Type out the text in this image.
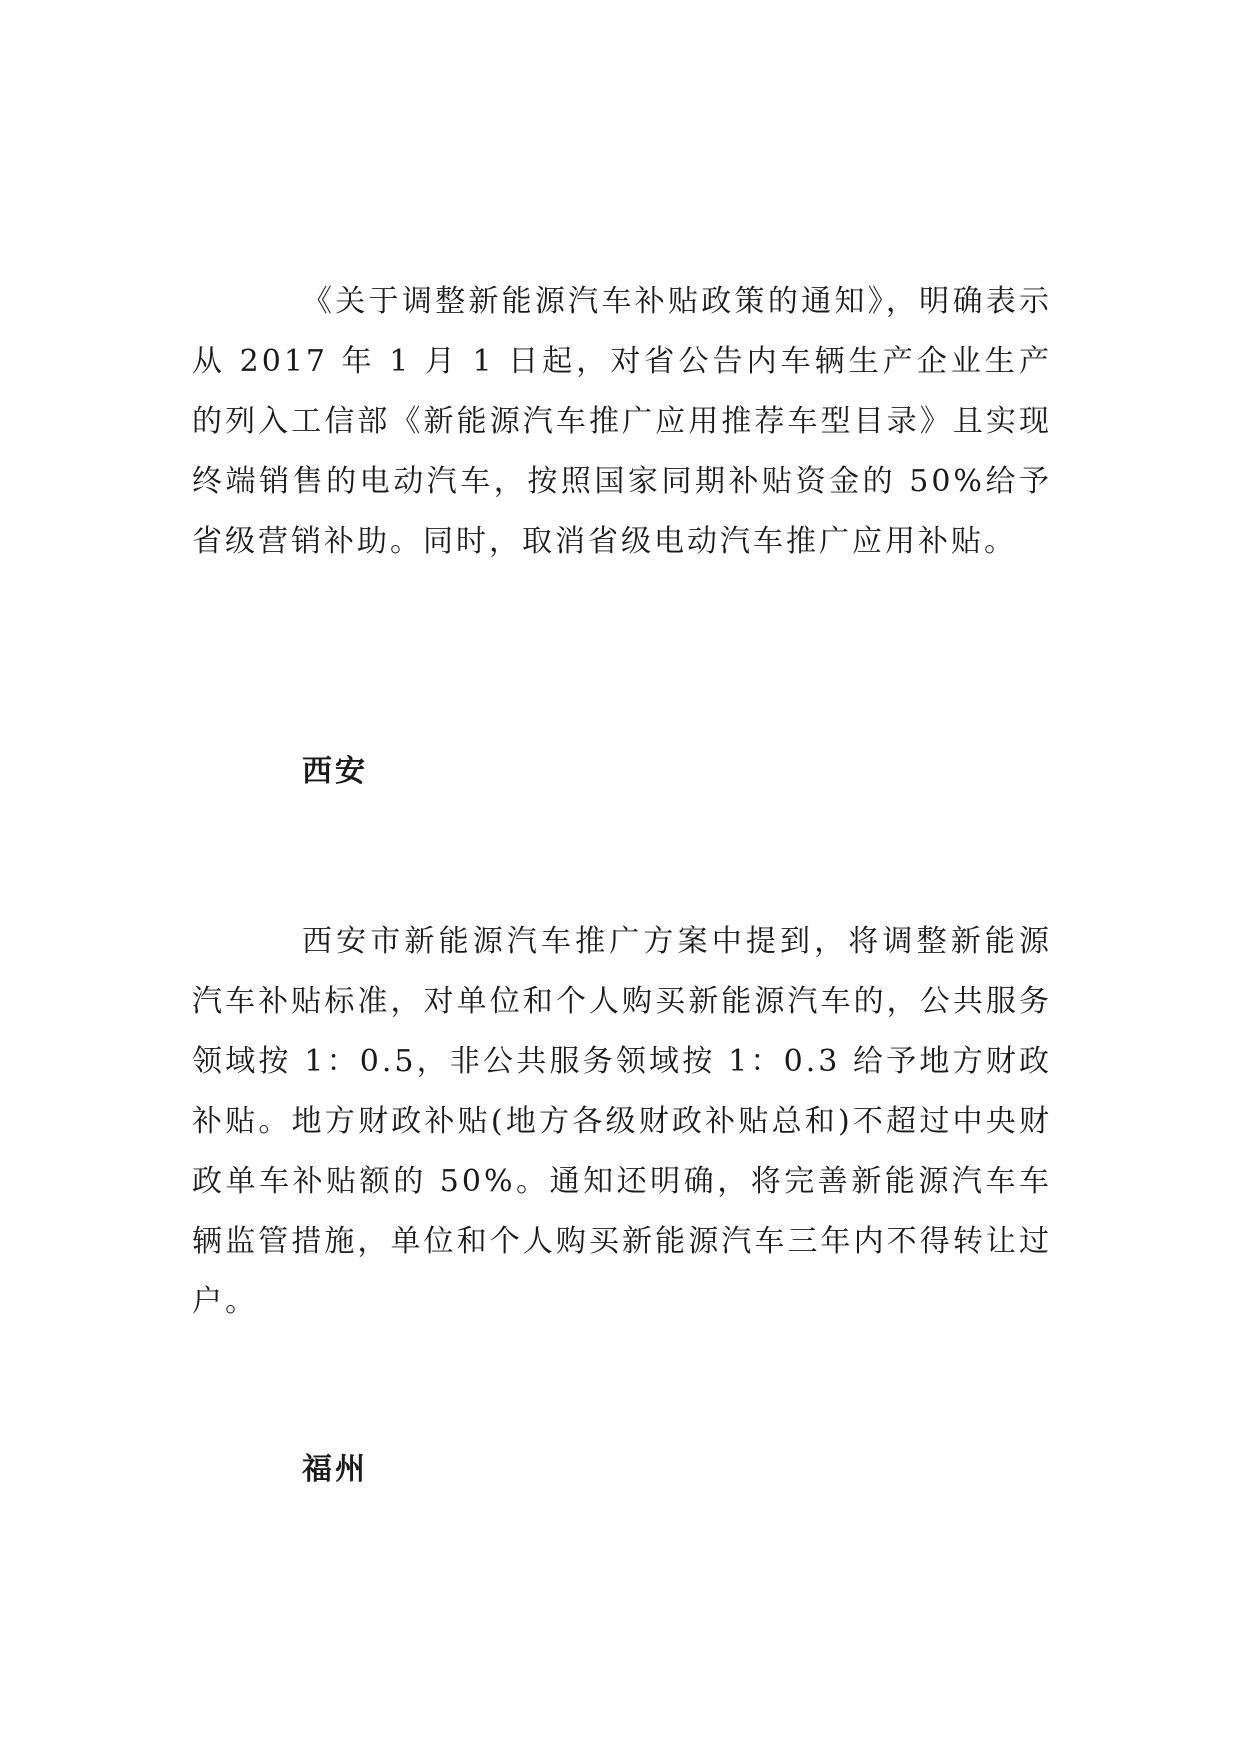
《关于调整新能源汽车补贴政策的通知》，明确表示从 2017 年 1 月 1 日起，对省公告内车辆生产企业生产的列入工信部《新能源汽车推广应用推荐车型目录》且实现终端销售的电动汽车，按照国家同期补贴资金的 50%给予省级营销补助。同时，取消省级电动汽车推广应用补贴。

西安

西安市新能源汽车推广方案中提到，将调整新能源汽车补贴标准，对单位和个人购买新能源汽车的，公共服务领域按 1：0.5，非公共服务领域按 1：0.3 给予地方财政补贴。地方财政补贴(地方各级财政补贴总和)不超过中央财政单车补贴额的 50%。通知还明确，将完善新能源汽车车辆监管措施，单位和个人购买新能源汽车三年内不得转让过户。

福州
